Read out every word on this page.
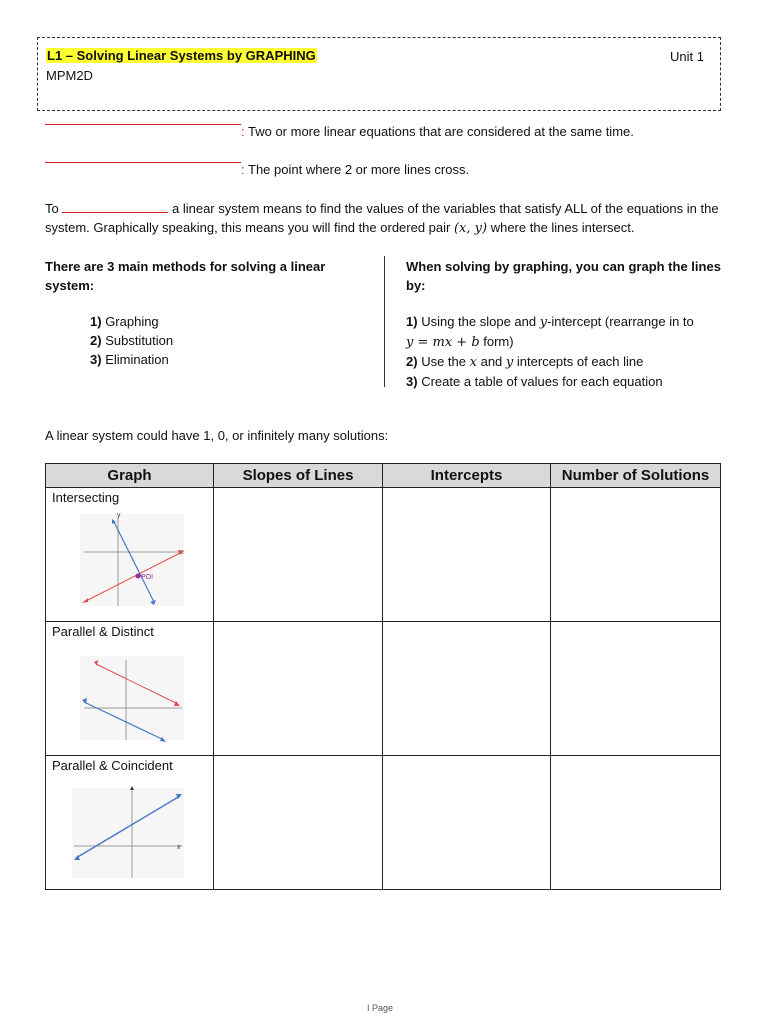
L1 – Solving Linear Systems by GRAPHING
MPM2D
Unit 1
: Two or more linear equations that are considered at the same time.
: The point where 2 or more lines cross.
To	a linear system means to find the values of the variables that satisfy ALL of the equations in the system. Graphically speaking, this means you will find the ordered pair (x, y) where the lines intersect.
There are 3 main methods for solving a linear system:
1) Graphing
2) Substitution
3) Elimination
When solving by graphing, you can graph the lines by:
1) Using the slope and y-intercept (rearrange in to
y = mx + b form)
2) Use the x and y intercepts of each line
3) Create a table of values for each equation
A linear system could have 1, 0, or infinitely many solutions:
Graph	Slopes of Lines	Intercepts	Number of Solutions

Intersecting
y
POI			

Parallel & Distinct			

Parallel & Coincident
x			

I Page
